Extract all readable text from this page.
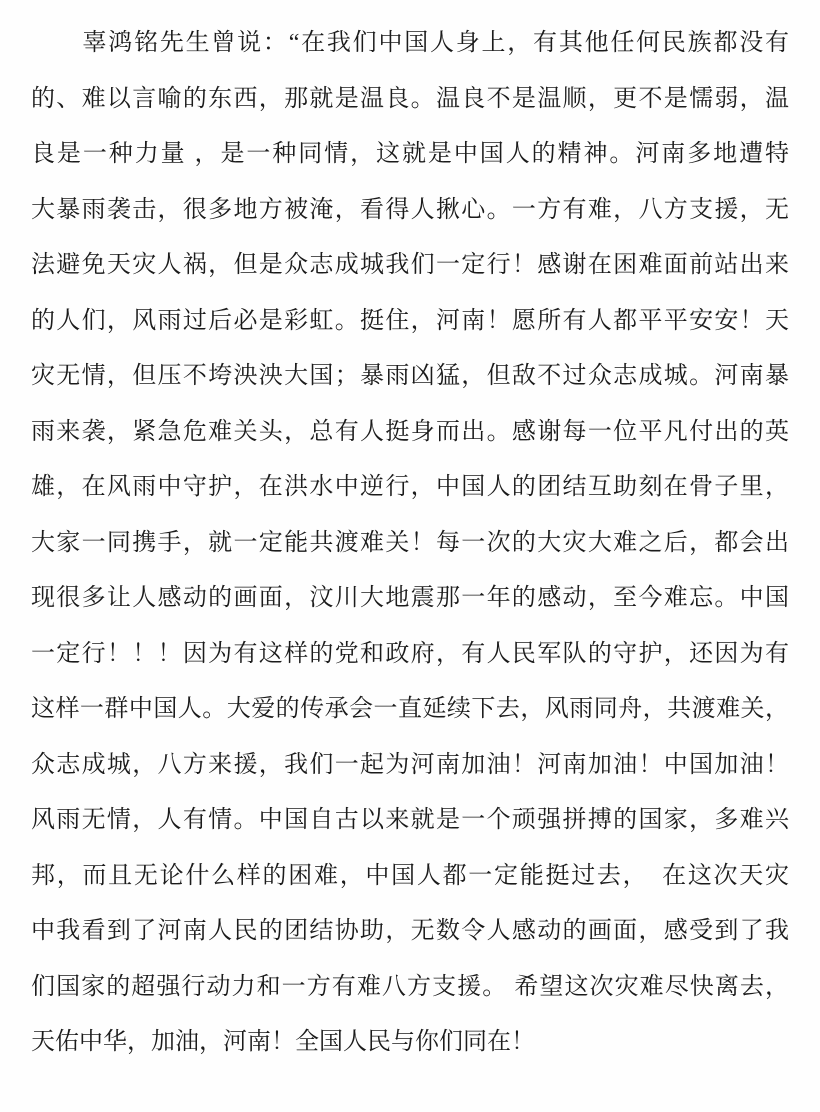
　　辜鸿铭先生曾说：“在我们中国人身上，有其他任何民族都没有
的、难以言喻的东西，那就是温良。温良不是温顺，更不是懦弱，温
良是一种力量 ，是一种同情，这就是中国人的精神。河南多地遭特
大暴雨袭击，很多地方被淹，看得人揪心。一方有难，八方支援，无
法避免天灾人祸，但是众志成城我们一定行！感谢在困难面前站出来
的人们，风雨过后必是彩虹。挺住，河南！愿所有人都平平安安！天
灾无情，但压不垮泱泱大国；暴雨凶猛，但敌不过众志成城。河南暴
雨来袭，紧急危难关头，总有人挺身而出。感谢每一位平凡付出的英
雄，在风雨中守护，在洪水中逆行，中国人的团结互助刻在骨子里，
大家一同携手，就一定能共渡难关！每一次的大灾大难之后，都会出
现很多让人感动的画面，汶川大地震那一年的感动，至今难忘。中国
一定行！！！因为有这样的党和政府，有人民军队的守护，还因为有
这样一群中国人。大爱的传承会一直延续下去，风雨同舟，共渡难关，
众志成城，八方来援，我们一起为河南加油！河南加油！中国加油！
风雨无情，人有情。中国自古以来就是一个顽强拼搏的国家，多难兴
邦，而且无论什么样的困难，中国人都一定能挺过去，　在这次天灾
中我看到了河南人民的团结协助，无数令人感动的画面，感受到了我
们国家的超强行动力和一方有难八方支援。 希望这次灾难尽快离去，
天佑中华，加油，河南！全国人民与你们同在！
